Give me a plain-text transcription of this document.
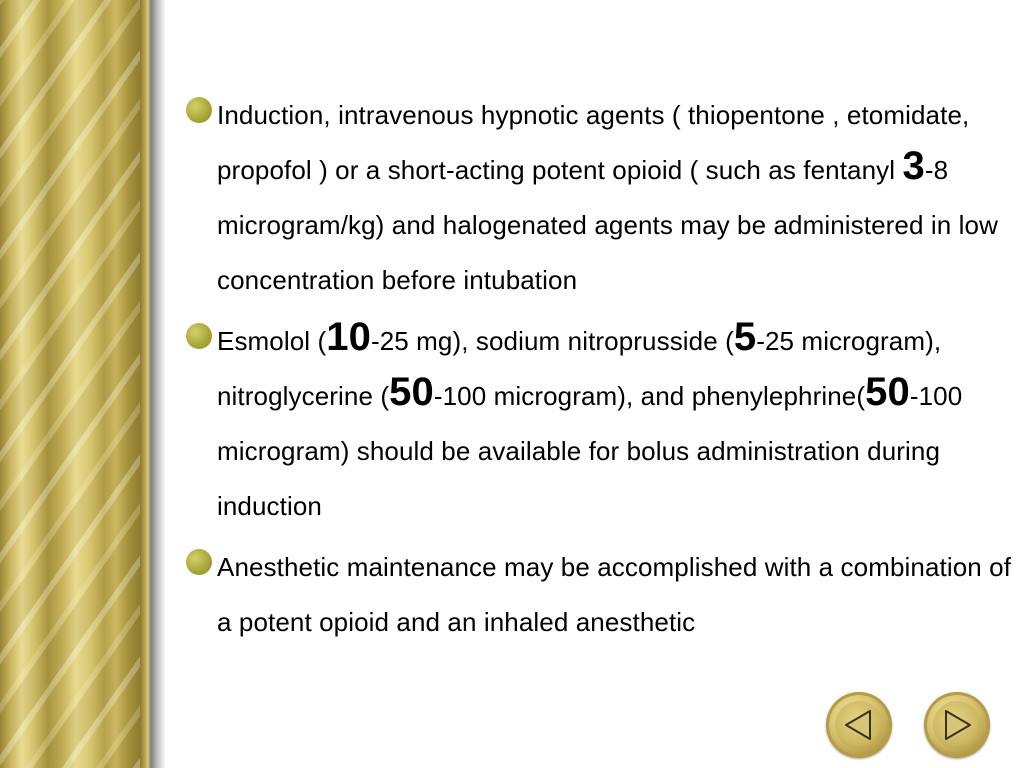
Induction, intravenous hypnotic agents ( thiopentone , etomidate, propofol ) or a short-acting potent opioid ( such as fentanyl 3-8 microgram/kg) and halogenated agents may be administered in low concentration before intubation
Esmolol (10-25 mg), sodium nitroprusside (5-25 microgram), nitroglycerine (50-100 microgram), and phenylephrine(50-100 microgram) should be available for bolus administration during induction
Anesthetic maintenance may be accomplished with a combination of a potent opioid and an inhaled anesthetic
